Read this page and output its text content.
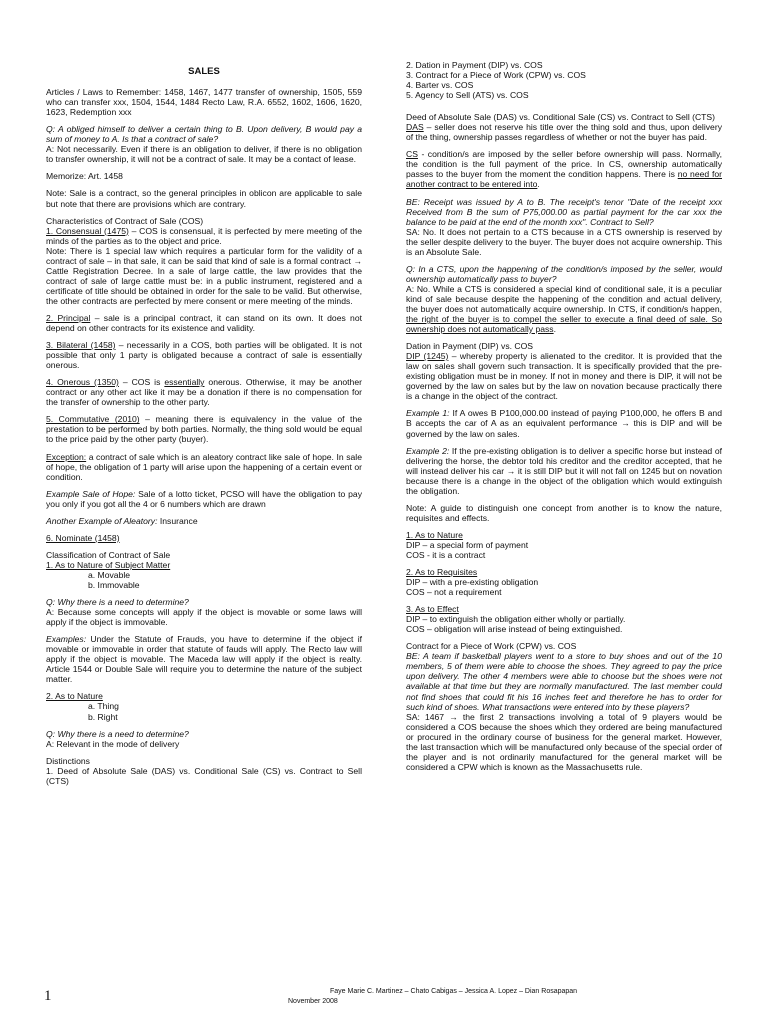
SALES

Articles / Laws to Remember: 1458, 1467, 1477 transfer of ownership, 1505, 559 who can transfer xxx, 1504, 1544, 1484 Recto Law, R.A. 6552, 1602, 1606, 1620, 1623, Redemption xxx

Q: A obliged himself to deliver a certain thing to B. Upon delivery, B would pay a sum of money to A. Is that a contract of sale?

A: Not necessarily. Even if there is an obligation to deliver, if there is no obligation to transfer ownership, it will not be a contract of sale. It may be a contact of lease.

Memorize: Art. 1458

Note: Sale is a contract, so the general principles in oblicon are applicable to sale but note that there are provisions which are contrary.

Characteristics of Contract of Sale (COS)

1. Consensual (1475) – COS is consensual, it is perfected by mere meeting of the minds of the parties as to the object and price.

Note: There is 1 special law which requires a particular form for the validity of a contract of sale – in that sale, it can be said that kind of sale is a formal contract → Cattle Registration Decree. In a sale of large cattle, the law provides that the contract of sale of large cattle must be: in a public instrument, registered and a certificate of title should be obtained in order for the sale to be valid. But otherwise, the other contracts are perfected by mere consent or mere meeting of the minds.

2. Principal – sale is a principal contract, it can stand on its own. It does not depend on other contracts for its existence and validity.

3. Bilateral (1458) – necessarily in a COS, both parties will be obligated. It is not possible that only 1 party is obligated because a contract of sale is essentially onerous.

4. Onerous (1350) – COS is essentially onerous. Otherwise, it may be another contract or any other act like it may be a donation if there is no compensation for the transfer of ownership to the other party.

5. Commutative (2010) – meaning there is equivalency in the value of the prestation to be performed by both parties. Normally, the thing sold would be equal to the price paid by the other party (buyer).

Exception: a contract of sale which is an aleatory contract like sale of hope. In sale of hope, the obligation of 1 party will arise upon the happening of a certain event or condition.

Example Sale of Hope: Sale of a lotto ticket, PCSO will have the obligation to pay you only if you got all the 4 or 6 numbers which are drawn

Another Example of Aleatory: Insurance

6. Nominate (1458)

Classification of Contract of Sale
1. As to Nature of Subject Matter
a. Movable
b. Immovable

Q: Why there is a need to determine?

A: Because some concepts will apply if the object is movable or some laws will apply if the object is immovable.

Examples: Under the Statute of Frauds, you have to determine if the object if movable or immovable in order that statute of fauds will apply. The Recto law will apply if the object is movable. The Maceda law will apply if the object is realty. Article 1544 or Double Sale will require you to determine the nature of the subject matter.

2. As to Nature
a. Thing
b. Right

Q: Why there is a need to determine?

A: Relevant in the mode of delivery

Distinctions
1. Deed of Absolute Sale (DAS) vs. Conditional Sale (CS) vs. Contract to Sell (CTS)
2. Dation in Payment (DIP) vs. COS
3. Contract for a Piece of Work (CPW) vs. COS
4. Barter vs. COS
5. Agency to Sell (ATS) vs. COS

Deed of Absolute Sale (DAS) vs. Conditional Sale (CS) vs. Contract to Sell (CTS)

DAS – seller does not reserve his title over the thing sold and thus, upon delivery of the thing, ownership passes regardless of whether or not the buyer has paid.

CS - condition/s are imposed by the seller before ownership will pass. Normally, the condition is the full payment of the price. In CS, ownership automatically passes to the buyer from the moment the condition happens. There is no need for another contract to be entered into.

BE: Receipt was issued by A to B. The receipt's tenor "Date of the receipt xxx Received from B the sum of P75,000.00 as partial payment for the car xxx the balance to be paid at the end of the month xxx". Contract to Sell?

SA: No. It does not pertain to a CTS because in a CTS ownership is reserved by the seller despite delivery to the buyer. The buyer does not acquire ownership. This is an Absolute Sale.

Q: In a CTS, upon the happening of the condition/s imposed by the seller, would ownership automatically pass to buyer?

A: No. While a CTS is considered a special kind of conditional sale, it is a peculiar kind of sale because despite the happening of the condition and actual delivery, the buyer does not automatically acquire ownership. In CTS, if condition/s happen, the right of the buyer is to compel the seller to execute a final deed of sale. So ownership does not automatically pass.

Dation in Payment (DIP) vs. COS

DIP (1245) – whereby property is alienated to the creditor. It is provided that the law on sales shall govern such transaction. It is specifically provided that the pre-existing obligation must be in money. If not in money and there is DIP, it will not be governed by the law on sales but by the law on novation because practically there is a change in the object of the contract.

Example 1: If A owes B P100,000.00 instead of paying P100,000, he offers B and B accepts the car of A as an equivalent performance → this is DIP and will be governed by the law on sales.

Example 2: If the pre-existing obligation is to deliver a specific horse but instead of delivering the horse, the debtor told his creditor and the creditor accepted, that he will instead deliver his car → it is still DIP but it will not fall on 1245 but on novation because there is a change in the object of the obligation which would extinguish the obligation.

Note: A guide to distinguish one concept from another is to know the nature, requisites and effects.

1. As to Nature
DIP – a special form of payment
COS - it is a contract
2. As to Requisites
DIP – with a pre-existing obligation
COS – not a requirement
3. As to Effect
DIP – to extinguish the obligation either wholly or partially.
COS – obligation will arise instead of being extinguished.
Contract for a Piece of Work (CPW) vs. COS

BE: A team if basketball players went to a store to buy shoes and out of the 10 members, 5 of them were able to choose the shoes. They agreed to pay the price upon delivery. The other 4 members were able to choose but the shoes were not available at that time but they are normally manufactured. The last member could not find shoes that could fit his 16 inches feet and therefore he has to order for such kind of shoes. What transactions were entered into by these players?

SA: 1467 → the first 2 transactions involving a total of 9 players would be considered a COS because the shoes which they ordered are being manufactured or procured in the ordinary course of business for the general market. However, the last transaction which will be manufactured only because of the special order of the player and is not ordinarily manufactured for the general market will be considered a CPW which is known as the Massachusetts rule.

1	Faye Marie C. Martinez – Chato Cabigas – Jessica A. Lopez – Dian Rosapapan
November 2008
